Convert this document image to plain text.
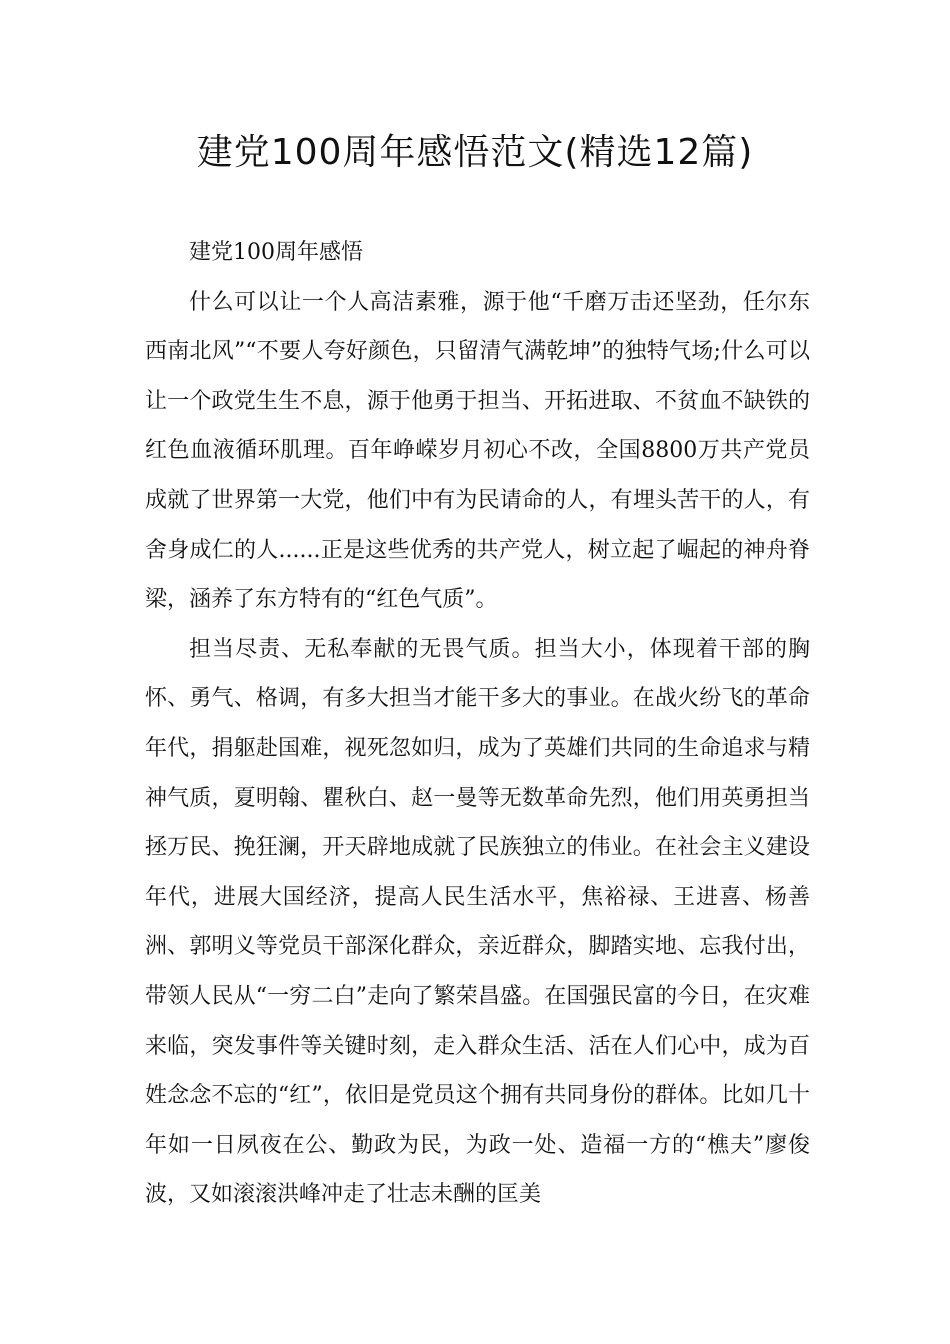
建党100周年感悟范文(精选12篇)

建党100周年感悟

什么可以让一个人高洁素雅，源于他“千磨万击还坚劲，任尔东西南北风”“不要人夸好颜色，只留清气满乾坤”的独特气场;什么可以让一个政党生生不息，源于他勇于担当、开拓进取、不贫血不缺铁的红色血液循环肌理。百年峥嵘岁月初心不改，全国8800万共产党员成就了世界第一大党，他们中有为民请命的人，有埋头苦干的人，有舍身成仁的人......正是这些优秀的共产党人，树立起了崛起的神舟脊梁，涵养了东方特有的“红色气质”。

担当尽责、无私奉献的无畏气质。担当大小，体现着干部的胸怀、勇气、格调，有多大担当才能干多大的事业。在战火纷飞的革命年代，捐躯赴国难，视死忽如归，成为了英雄们共同的生命追求与精神气质，夏明翰、瞿秋白、赵一曼等无数革命先烈，他们用英勇担当拯万民、挽狂澜，开天辟地成就了民族独立的伟业。在社会主义建设年代，进展大国经济，提高人民生活水平，焦裕禄、王进喜、杨善洲、郭明义等党员干部深化群众，亲近群众，脚踏实地、忘我付出，带领人民从“一穷二白”走向了繁荣昌盛。在国强民富的今日，在灾难来临，突发事件等关键时刻，走入群众生活、活在人们心中，成为百姓念念不忘的“红”，依旧是党员这个拥有共同身份的群体。比如几十年如一日夙夜在公、勤政为民，为政一处、造福一方的“樵夫”廖俊波，又如滚滚洪峰冲走了壮志未酬的匡美
